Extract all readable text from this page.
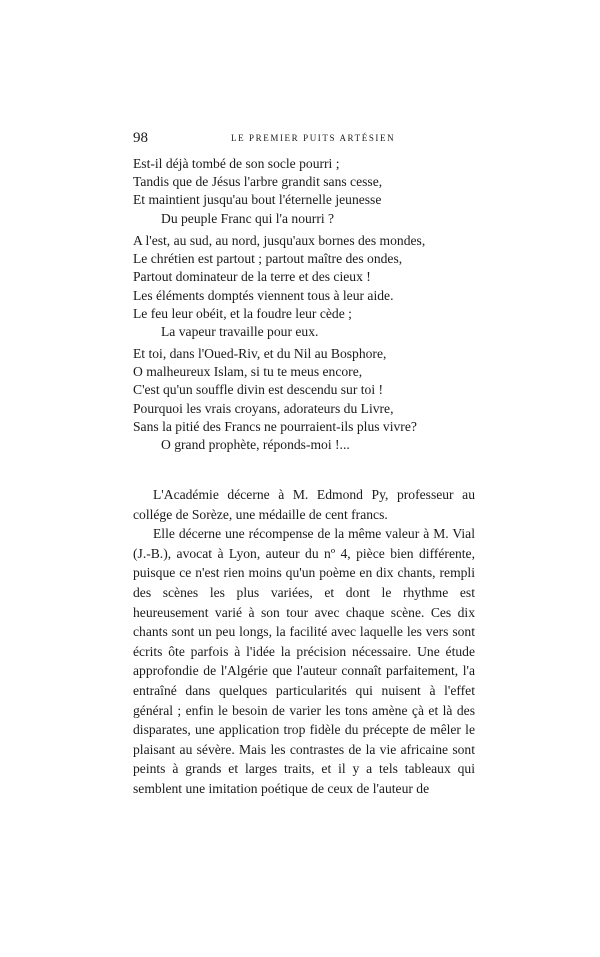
98	LE PREMIER PUITS ARTÉSIEN
Est-il déjà tombé de son socle pourri ;
Tandis que de Jésus l'arbre grandit sans cesse,
Et maintient jusqu'au bout l'éternelle jeunesse
Du peuple Franc qui l'a nourri ?
A l'est, au sud, au nord, jusqu'aux bornes des mondes,
Le chrétien est partout ; partout maître des ondes,
Partout dominateur de la terre et des cieux !
Les éléments domptés viennent tous à leur aide.
Le feu leur obéit, et la foudre leur cède ;
La vapeur travaille pour eux.
Et toi, dans l'Oued-Riv, et du Nil au Bosphore,
O malheureux Islam, si tu te meus encore,
C'est qu'un souffle divin est descendu sur toi !
Pourquoi les vrais croyans, adorateurs du Livre,
Sans la pitié des Francs ne pourraient-ils plus vivre?
O grand prophète, réponds-moi !...

L'Académie décerne à M. Edmond Py, professeur au collége de Sorèze, une médaille de cent francs.

Elle décerne une récompense de la même valeur à M. Vial (J.-B.), avocat à Lyon, auteur du nº 4, pièce bien différente, puisque ce n'est rien moins qu'un poème en dix chants, rempli des scènes les plus variées, et dont le rhythme est heureusement varié à son tour avec chaque scène. Ces dix chants sont un peu longs, la facilité avec laquelle les vers sont écrits ôte parfois à l'idée la précision nécessaire. Une étude approfondie de l'Algérie que l'auteur connaît parfaitement, l'a entraîné dans quelques particularités qui nuisent à l'effet général ; enfin le besoin de varier les tons amène çà et là des disparates, une application trop fidèle du précepte de mêler le plaisant au sévère. Mais les contrastes de la vie africaine sont peints à grands et larges traits, et il y a tels tableaux qui semblent une imitation poétique de ceux de l'auteur de
